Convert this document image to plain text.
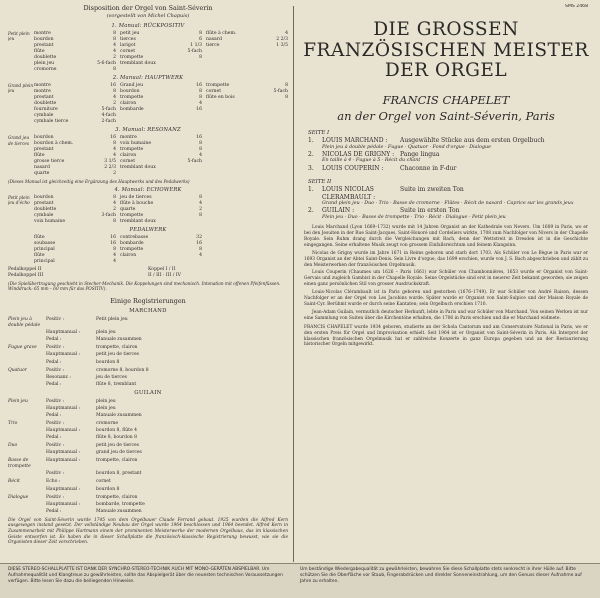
Disposition der Orgel von Saint-Séverin
(vorgestellt von Michel Chapuis)
1. Manual: RÜCKPOSITIV
Petit plein jeu
montre	8
bourdon	8
prestant	4
flûte	4
doublette	2
plein jeu	5-6-fach
cromorne	8
petit jeu	8
tierces	6
larigot	1 1/3
cornet	5-fach
trompette	8
tremblant doux
flûte à chem.	4
nasard	2 2/3
tierce	1 3/5
2. Manual: HAUPTWERK
Grand plein jeu
montre	16
montre	8
prestant	4
doublette	2
fourniture	5-fach
cymbale	4-fach
cymbale tierce	2-fach
Grand jeu	16
bourdon	8
trompette	8
clairon	4
bombarde	16
trompette	8
cornet	5-fach
flûte en bois	8
3. Manual: RESONANZ
Grand jeu de tierces
bourdon	16
bourdon à chem.	8
prestant	4
flûte	4
grosse tierce	3 1/5
nasard	2 2/3
quarte	2
montre	16
voix humaine	8
trompette	8
clairon	4
cornet	5-fach
tremblant doux
(Dieses Manual ist gleichzeitig eine Ergänzung des Hauptwerks und des Pedalwerks)
4. Manual: ECHOWERK
Petit plein jeu d'écho
bourdon	8
prestant	4
doublette	2
cymbale	3-fach
voix humaine	8
jeu de tierces	8
flûte à bouche	4
quarte	2
trompette	8
tremblant doux
PEDALWERK
flûte	16
soubasse	16
principal	8
flûte	4
principal	4
contrebasse	32
bombarde	16
trompette	8
clairon	4
Pedalkoppel II
Pedalkoppel III
Koppel I / II
II / III · III / IV
(Die Spielübertragung geschieht in Stecher-Mechanik. Die Koppelungen sind mechanisch. Intonation mit offenen Pfeifenfüssen. Winddruck: 65 mm – 60 mm für das POSITIV).
Einige Registrierungen
MARCHAND
Plein jeu à double pédale
Positiv :	Petit plein jeu
Hauptmanual :	plein jeu
Pedal :	Manuale zusammen
Fugue grave	Positiv :	trompette, clairon
Hauptmanual :	petit jeu de tierces
Pedal :	bourdon 8
Quatuor	Positiv :	cromorne 8, bourdon 8
Resonanz :	jeu de tierces
Pedal :	flûte 8, tremblant
GUILAIN
Plein jeu	Positiv :	plein jeu
Hauptmanual :	plein jeu
Pedal :	Manuale zusammen
Trio	Positiv :	cromorne
Hauptmanual :	bourdon 8, flûte 4
Pedal :	flûte 8, bourdon 8
Duo	Positiv :	petit jeu de tierces
Hauptmanual :	grand jeu de tierces
Basse de trompette
Hauptmanual :	trompette, clairon
Positiv :	bourdon 8, prestant
Récit	Echo :	cornet
Hauptmanual :	bourdon 8
Dialogue	Positiv :	trompette, clairon
Hauptmanual :	bombarde, trompette
Pedal :	Manuale zusammen
Die Orgel von Saint-Séverin wurde 1745 von dem Orgelbauer Claude Ferrand gebaut. 1925 wurden die Alfred Kern ausgewogen instand gesetzt. Der vollständige Neubau der Orgel wurde 1964 beschlossen und 1964 beendet. Alfred Kern in Zusammenarbeit mit Philippe Hartmann einem der prominenten Meisterwerke der modernen Orgelbaus, das im klassischen Geiste entworfen ist. Es haben die in dieser Schallplatte die französisch-klassische Registrierung bewusst, wie sie die Organisten dieser Zeit vorschrieben.
SMS 2468
DIE GROSSEN
FRANZÖSISCHEN MEISTER
DER ORGEL
FRANCIS CHAPELET
an der Orgel von Saint-Séverin, Paris
SEITE I
1.	LOUIS MARCHAND :	Ausgewählte Stücke aus dem ersten Orgelbuch
Plein jeu à double pédale · Fugue · Quatuor · Fond d'orgue · Dialogue
2.	NICOLAS DE GRIGNY : Pange lingua
En taille à 4 · Fugue à 5 · Récit du chant
3.	LOUIS COUPERIN :	Chaconne in F-dur
SEITE II
1.	LOUIS NICOLAS CLERAMBAULT :
Suite im zweiten Ton
Grand plein jeu · Duo · Trio · Basse de cromorne · Flûtes · Récit de nasard · Caprice sur les grands jeux
2.	GUILAIN :	Suite im ersten Ton
Plein jeu · Duo · Basse de trompette · Trio · Récit · Dialogue · Petit plein jeu

Louis Marchand (Lyon 1669–1732) wurde mit 14 Jahren Organist an der Kathedrale von Nevers. Um 1689 in Paris, wo er bei den Jesuiten in der Rue Saint-Jacques, Saint-Honoré und Cordeliers wirkte, 1708 zum Nachfolger von Nivers in der Chapelle Royale. Sein Ruhm drang durch die Vergleichungen mit Bach, denn der Wettstreit in Dresden ist in die Geschichte eingegangen. Seine erhaltene Musik zeugt von grossem Einfallsreichtum und feinem Klangsinn.

Nicolas de Grigny wurde im Jahre 1671 in Reims geboren und starb dort 1703. Als Schüler von Le Bègue in Paris war er 1693 Organist an der Abtei Saint-Denis. Sein Livre d'orgue, das 1699 erschien, wurde von J. S. Bach abgeschrieben und zählt zu den Meisterwerken der französischen Orgelmusik.

Louis Couperin (Chaumes um 1626 – Paris 1661) war Schüler von Chambonnières, 1653 wurde er Organist von Saint-Gervais und zugleich Gambist in der Chapelle Royale. Seine Orgelstücke sind erst in neuerer Zeit bekannt geworden; sie zeigen einen ganz persönlichen Stil von grosser Ausdruckskraft.

Louis-Nicolas Clérambault ist in Paris geboren und gestorben (1676–1749). Er war Schüler von André Raison, dessen Nachfolger er an der Orgel von Les Jacobins wurde. Später wurde er Organist von Saint-Sulpice und der Maison Royale de Saint-Cyr. Berühmt wurde er durch seine Kantaten; sein Orgelbuch erschien 1710.

Jean-Adam Guilain, vermutlich deutscher Herkunft, lebte in Paris und war Schüler von Marchand. Von seinen Werken ist nur eine Sammlung von Suiten über die Kirchentöne erhalten, die 1706 in Paris erschien und die er Marchand widmete.

FRANCIS CHAPELET wurde 1934 geboren, studierte an der Schola Cantorum und am Conservatoire National in Paris, wo er den ersten Preis für Orgel und Improvisation erhielt. Seit 1964 ist er Organist von Saint-Séverin in Paris. Als Interpret der klassischen französischen Orgelmusik hat er zahlreiche Konzerte in ganz Europa gegeben und an der Restaurierung historischer Orgeln mitgewirkt.
DIESE STEREO-SCHALLPLATTE IST DANK DER SYNCHRO-STEREO-TECHNIK AUCH MIT MONO-GERÄTEN ABSPIELBAR. Um Aufnahmequalität und Klangtreue zu gewährleisten, sollte das Abspielgerät über die neuesten technischen Voraussetzungen verfügen. Bitte lesen Sie dazu die beiliegenden Hinweise.
Um beständige Wiedergabequalität zu gewährleisten, bewahren Sie diese Schallplatte stets senkrecht in ihrer Hülle auf. Bitte schützen Sie die Oberfläche vor Staub, Fingerabdrücken und direkter Sonneneinstrahlung, um den Genuss dieser Aufnahme auf Jahre zu erhalten.
